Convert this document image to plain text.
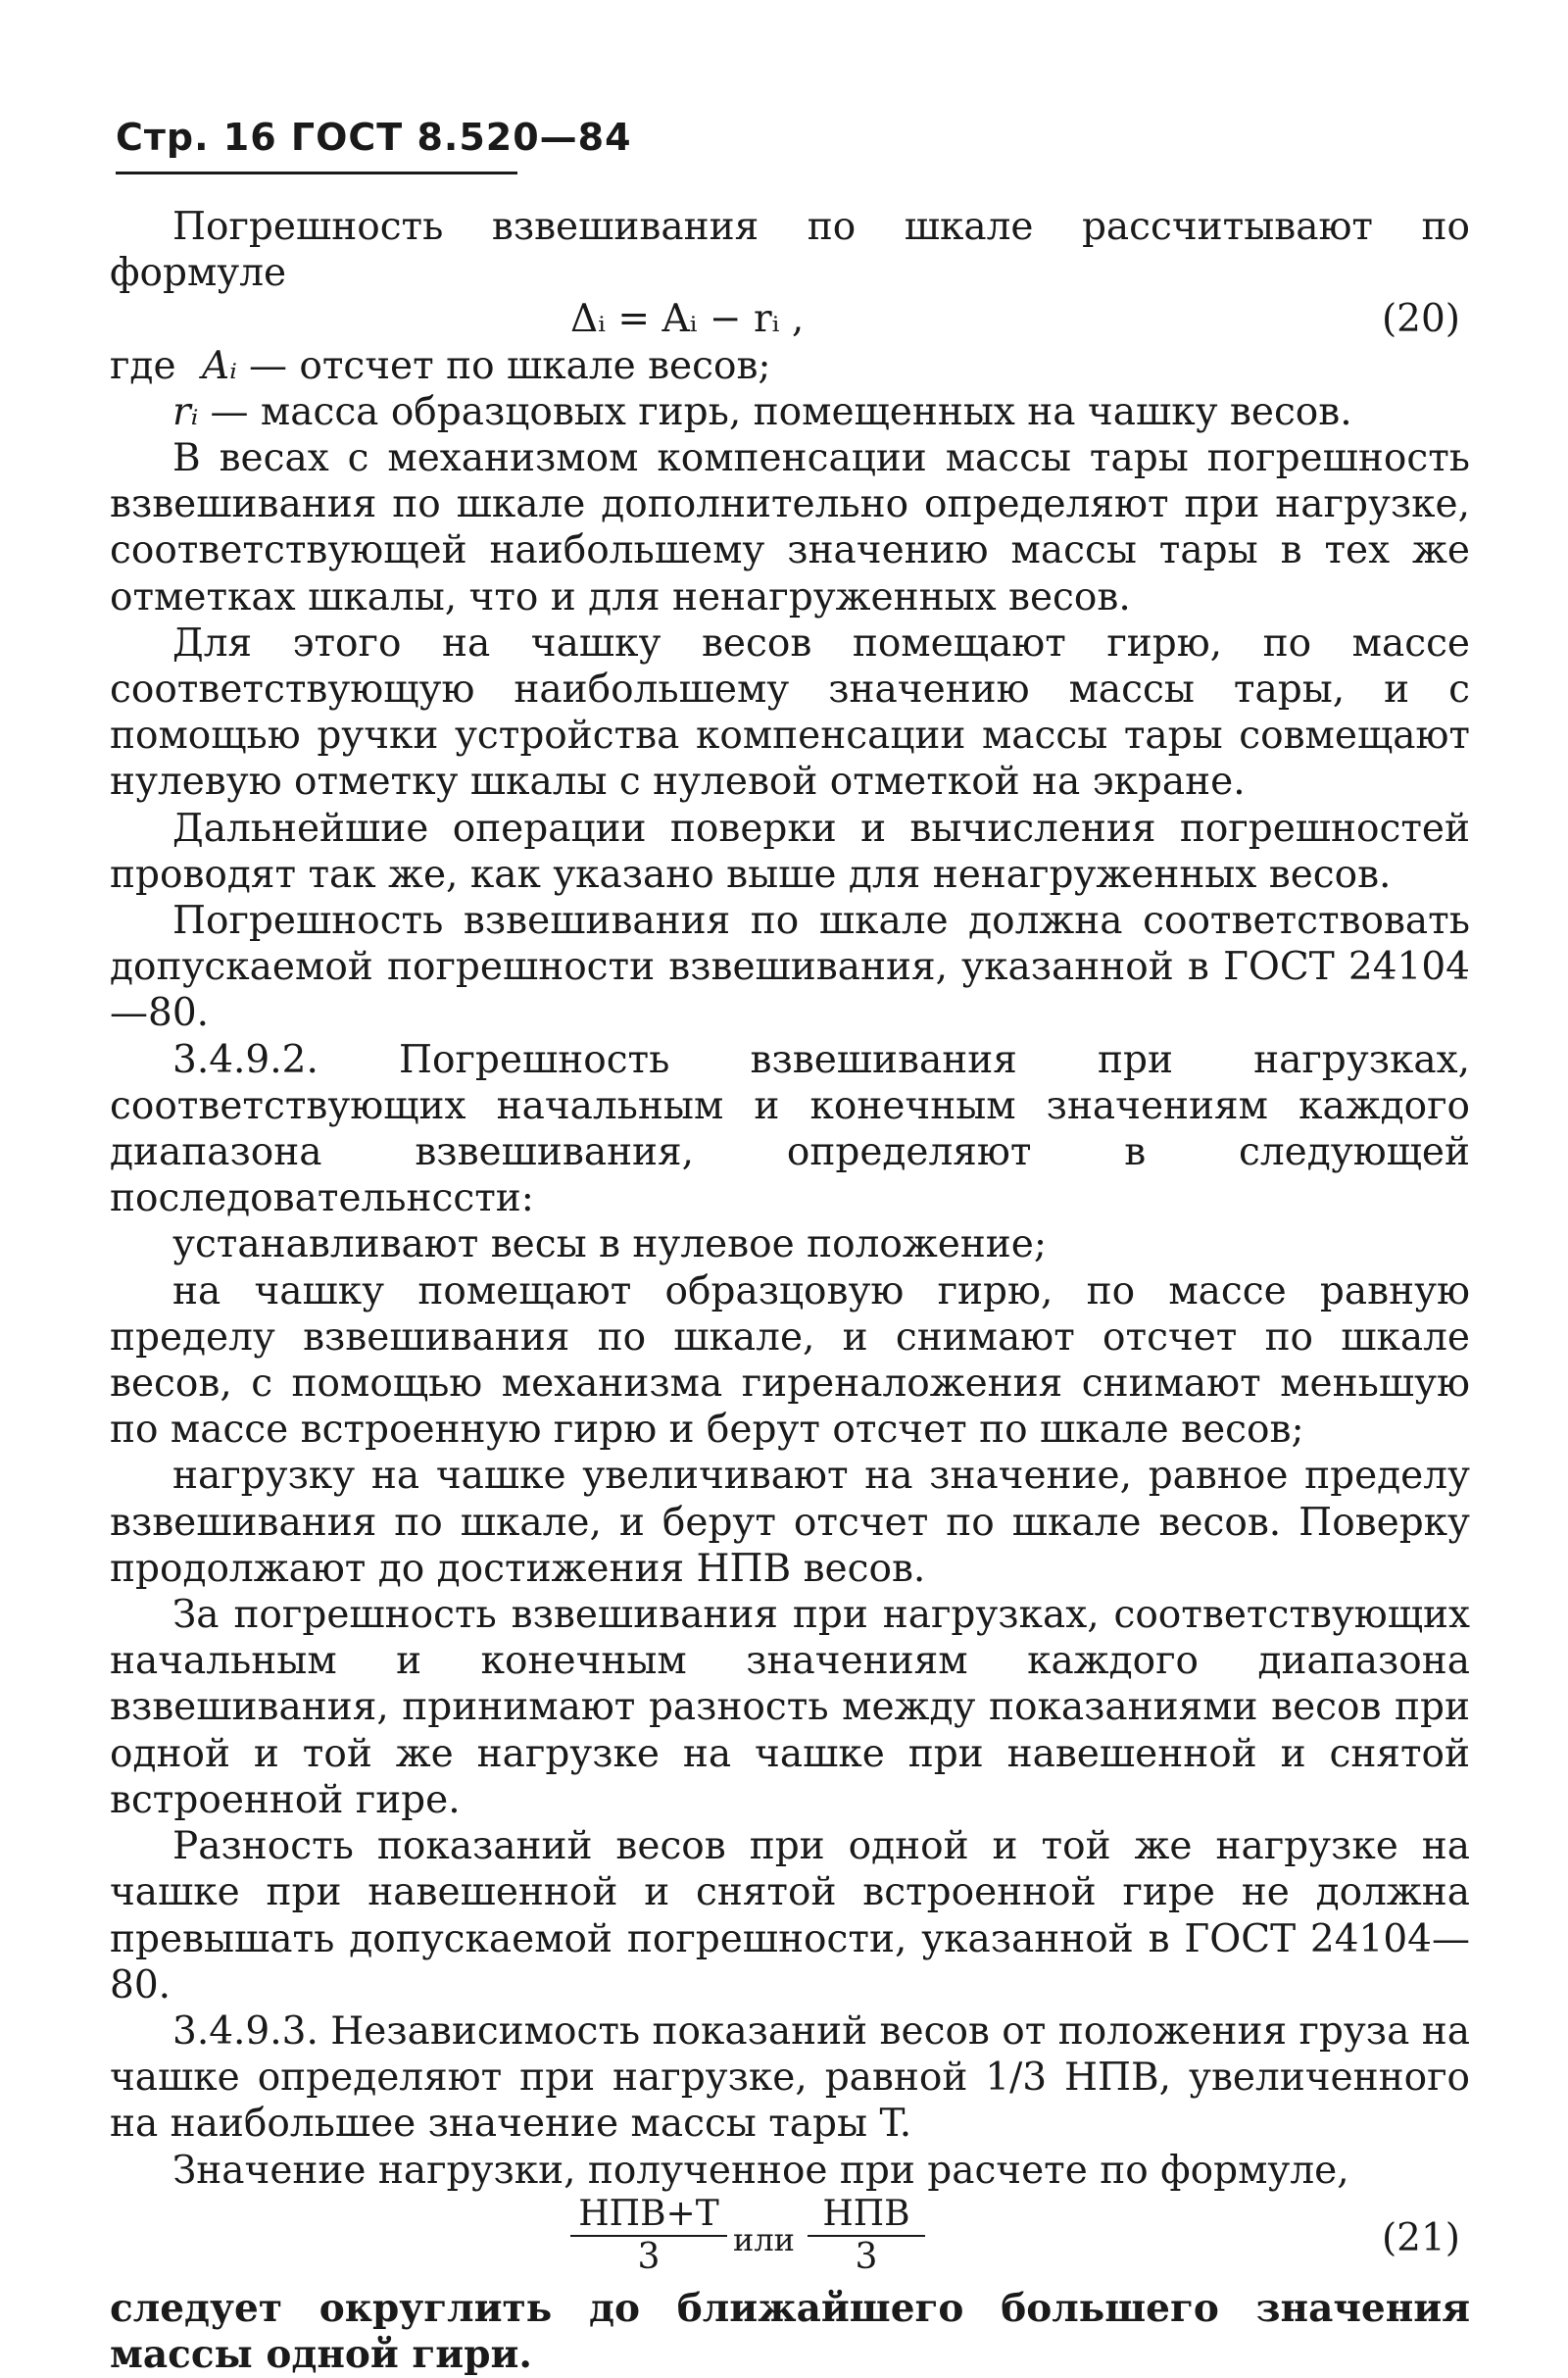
Стр. 16 ГОСТ 8.520—84

Погрешность взвешивания по шкале рассчитывают по формуле

Δᵢ = Aᵢ − rᵢ ,	(20)
где Aᵢ — отсчет по шкале весов;
rᵢ — масса образцовых гирь, помещенных на чашку весов.

В весах с механизмом компенсации массы тары погрешность взвешивания по шкале дополнительно определяют при нагрузке, соответствующей наибольшему значению массы тары в тех же отметках шкалы, что и для ненагруженных весов.

Для этого на чашку весов помещают гирю, по массе соответствующую наибольшему значению массы тары, и с помощью ручки устройства компенсации массы тары совмещают нулевую отметку шкалы с нулевой отметкой на экране.

Дальнейшие операции поверки и вычисления погрешностей проводят так же, как указано выше для ненагруженных весов.

Погрешность взвешивания по шкале должна соответствовать допускаемой погрешности взвешивания, указанной в ГОСТ 24104—80.

3.4.9.2. Погрешность взвешивания при нагрузках, соответствующих начальным и конечным значениям каждого диапазона взвешивания, определяют в следующей последовательнсcти:

устанавливают весы в нулевое положение;

на чашку помещают образцовую гирю, по массе равную пределу взвешивания по шкале, и снимают отсчет по шкале весов, с помощью механизма гиреналожения снимают меньшую по массе встроенную гирю и берут отсчет по шкале весов;

нагрузку на чашке увеличивают на значение, равное пределу взвешивания по шкале, и берут отсчет по шкале весов. Поверку продолжают до достижения НПВ весов.

За погрешность взвешивания при нагрузках, соответствующих начальным и конечным значениям каждого диапазона взвешивания, принимают разность между показаниями весов при одной и той же нагрузке на чашке при навешенной и снятой встроенной гире.

Разность показаний весов при одной и той же нагрузке на чашке при навешенной и снятой встроенной гире не должна превышать допускаемой погрешности, указанной в ГОСТ 24104—80.

3.4.9.3. Независимость показаний весов от положения груза на чашке определяют при нагрузке, равной 1/3 НПВ, увеличенного на наибольшее значение массы тары T.

Значение нагрузки, полученное при расчете по формуле,

НПВ+Т
3 или
НПВ
3	(21)

следует округлить до ближайшего большего значения массы одной гири.
